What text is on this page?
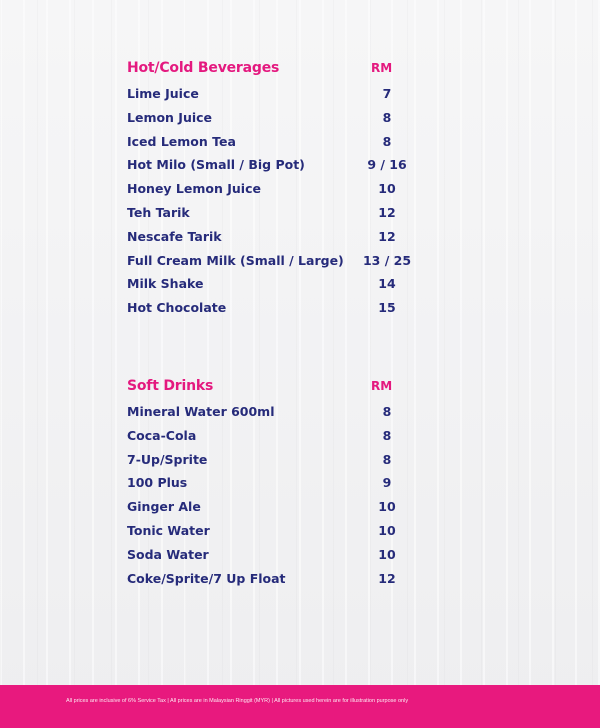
Hot/Cold Beverages	RM
Lime Juice	7
Lemon Juice	8
Iced Lemon Tea	8
Hot Milo (Small / Big Pot)	9 / 16
Honey Lemon Juice	10
Teh Tarik	12
Nescafe Tarik	12
Full Cream Milk (Small / Large)	13 / 25
Milk Shake	14
Hot Chocolate	15
Soft Drinks	RM
Mineral Water 600ml	8
Coca-Cola	8
7-Up/Sprite	8
100 Plus	9
Ginger Ale	10
Tonic Water	10
Soda Water	10
Coke/Sprite/7 Up Float	12
All prices are inclusive of 6% Service Tax | All prices are in Malaysian Ringgit (MYR) | All pictures used herein are for illustration purpose only
